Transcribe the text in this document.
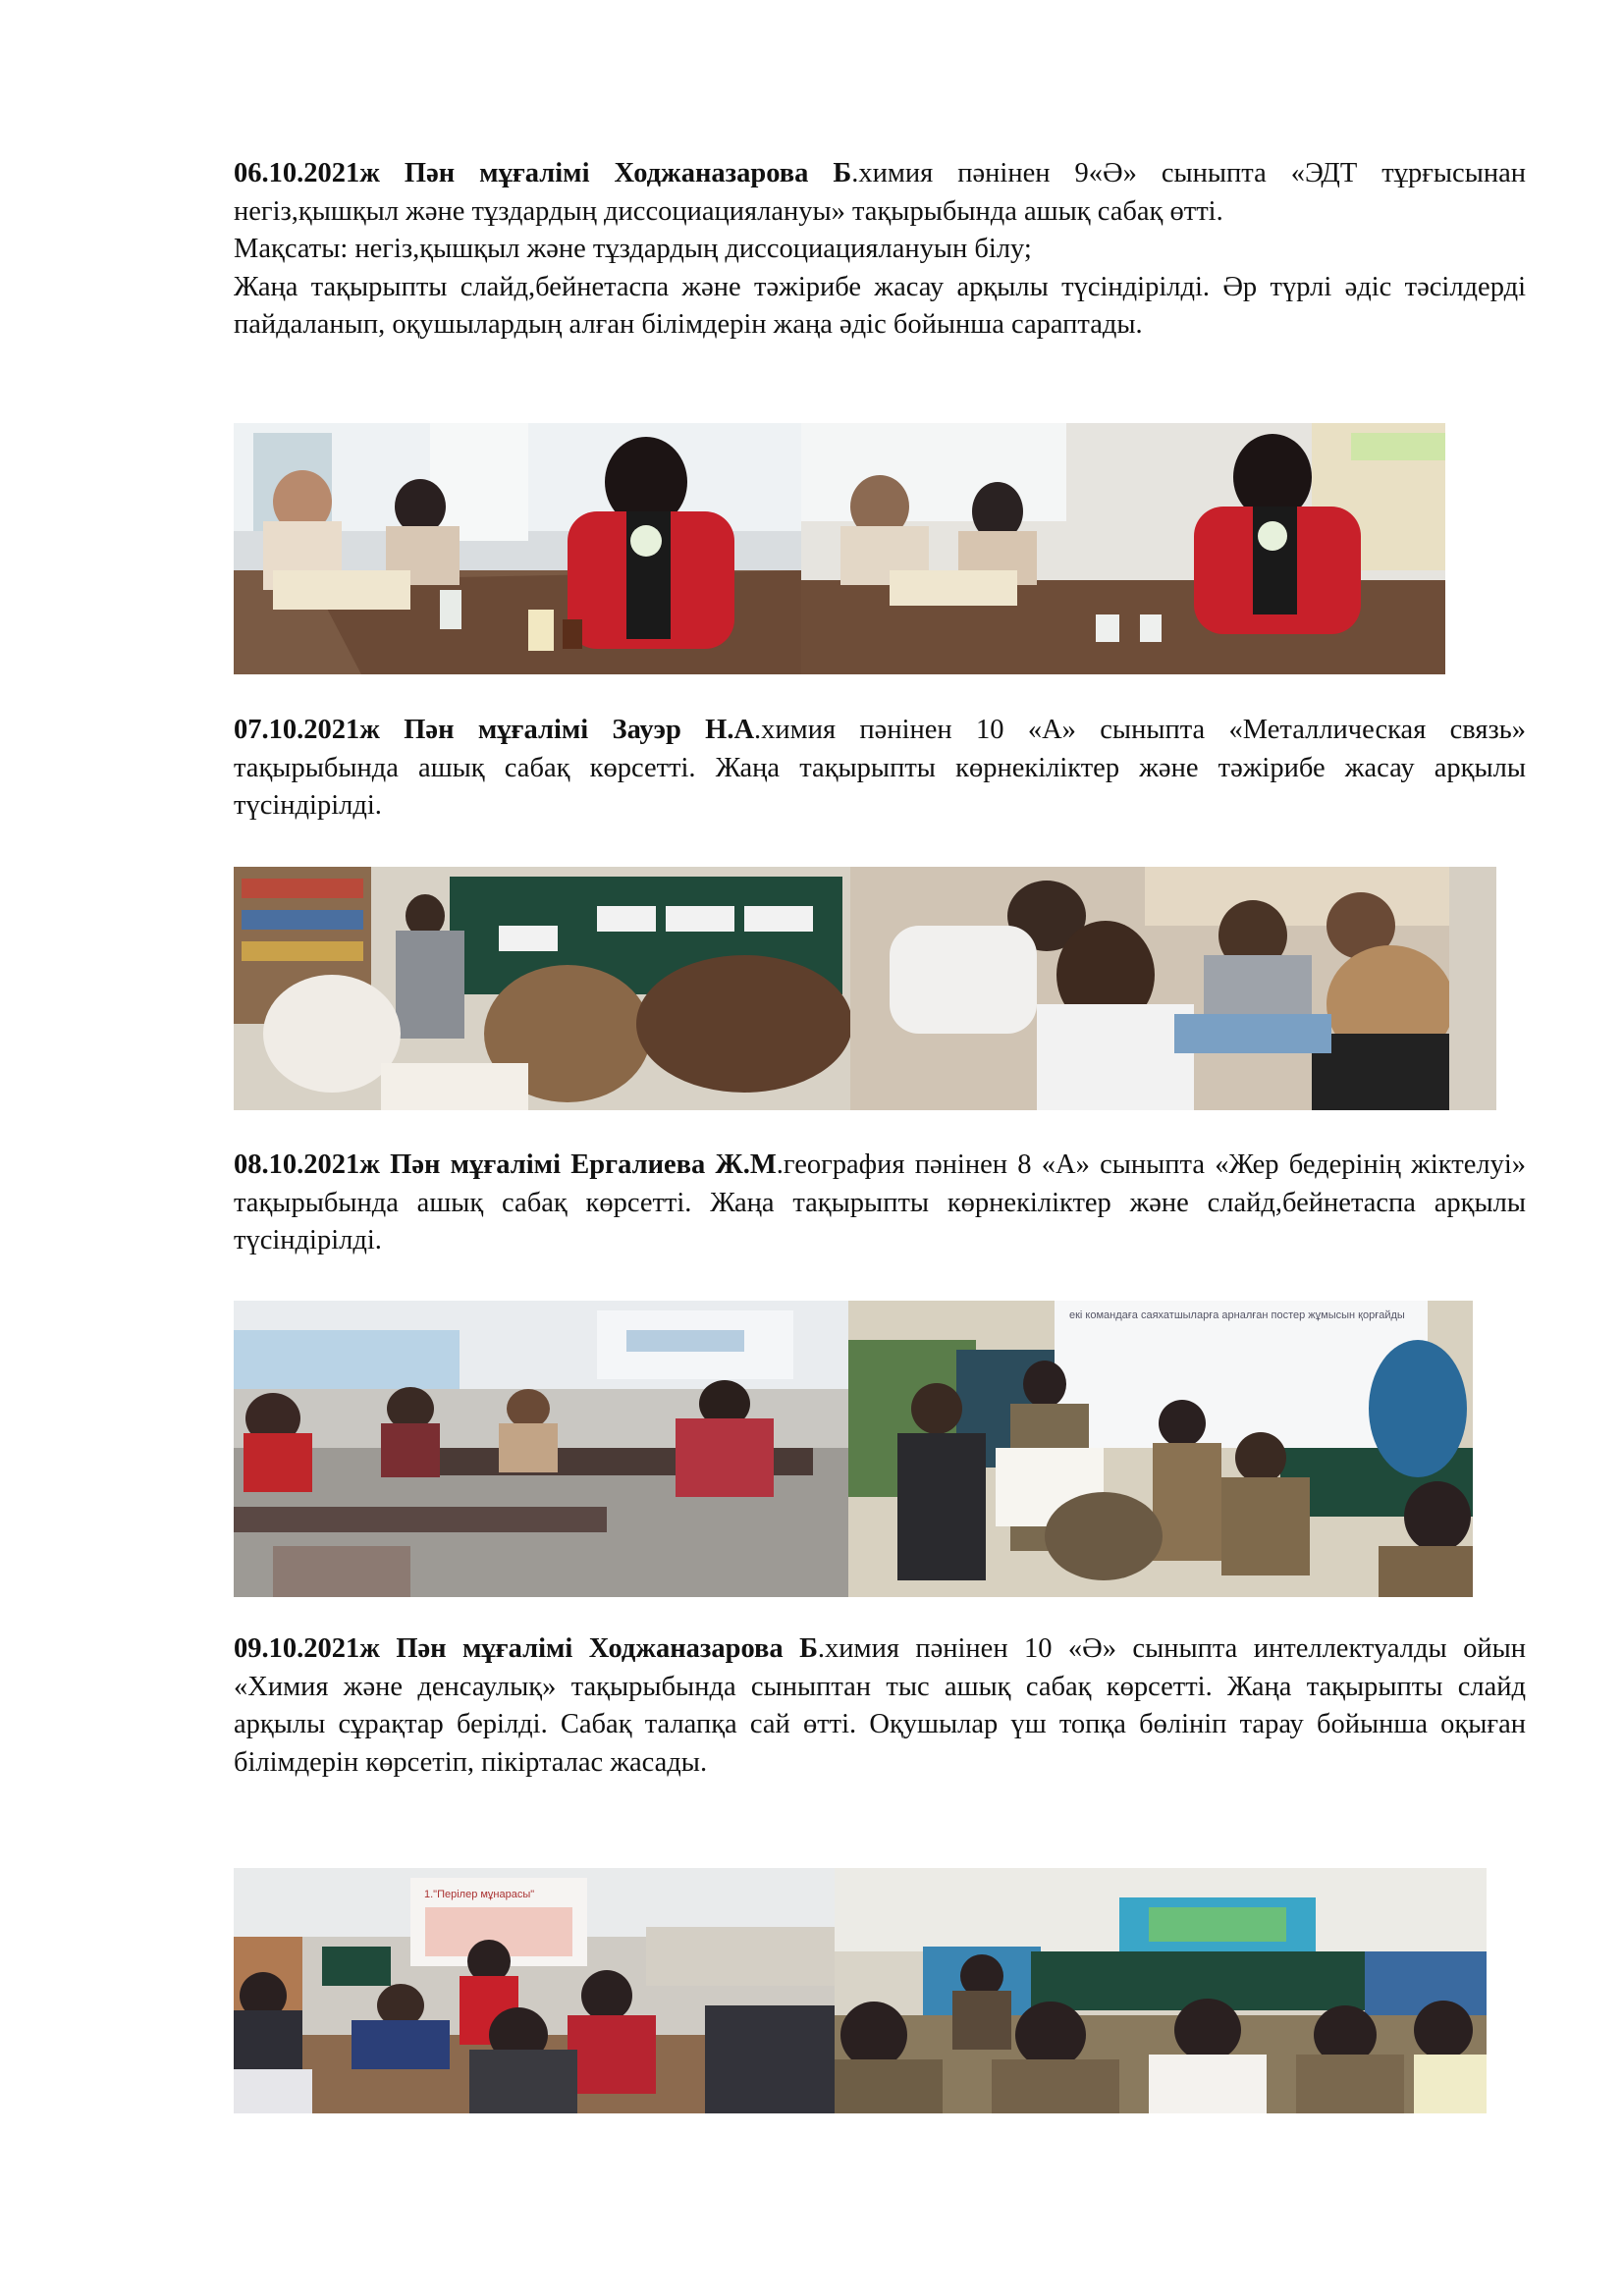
06.10.2021ж Пән мұғалімі Ходжаназарова Б.химия пәнінен 9«Ә» сыныпта «ЭДТ тұрғысынан негіз,қышқыл және тұздардың диссоциациялануы» тақырыбында ашық сабақ өтті.

Мақсаты: негіз,қышқыл және тұздардың диссоциациялануын білу;

Жаңа тақырыпты слайд,бейнетаспа және тәжірибе жасау арқылы түсіндірілді. Әр түрлі әдіс тәсілдерді пайдаланып, оқушылардың алған білімдерін жаңа әдіс бойынша сараптады.

07.10.2021ж Пән мұғалімі Зауэр Н.А.химия пәнінен 10 «А» сыныпта «Металлическая связь» тақырыбында ашық сабақ көрсетті. Жаңа тақырыпты көрнекіліктер және тәжірибе жасау арқылы түсіндірілді.

08.10.2021ж Пән мұғалімі Ергалиева Ж.М.география пәнінен 8 «А» сыныпта «Жер бедерінің жіктелуі» тақырыбында ашық сабақ көрсетті. Жаңа тақырыпты көрнекіліктер және слайд,бейнетаспа арқылы түсіндірілді.

екі командаға саяхатшыларға арналған постер жұмысын қорғайды

09.10.2021ж Пән мұғалімі Ходжаназарова Б.химия пәнінен 10 «Ә» сыныпта интеллектуалды ойын «Химия және денсаулық» тақырыбында сыныптан тыс ашық сабақ көрсетті. Жаңа тақырыпты слайд арқылы сұрақтар берілді. Сабақ талапқа сай өтті. Оқушылар үш топқа бөлініп тарау бойынша оқыған білімдерін көрсетіп, пікірталас жасады.

1."Перілер мұнарасы"
